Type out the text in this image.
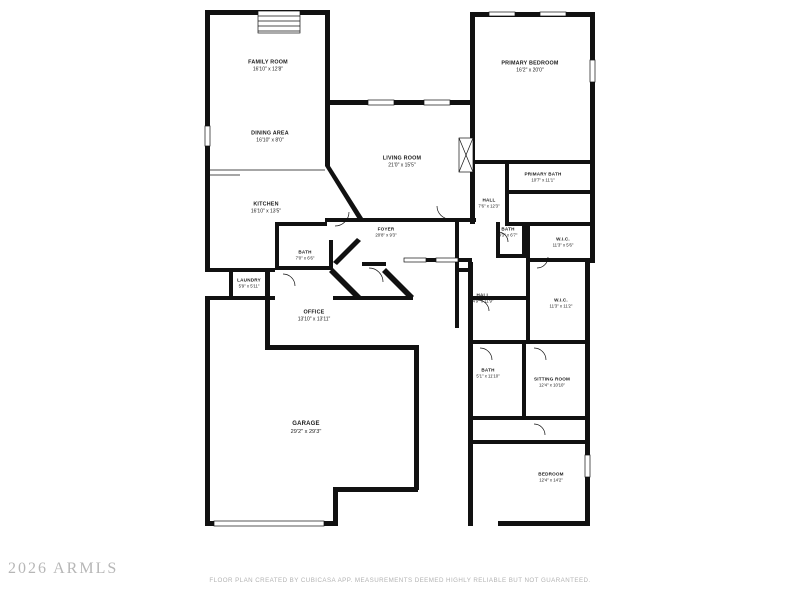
FAMILY ROOM
16'10" x 12'8"
DINING AREA
16'10" x 8'0"
KITCHEN
16'10" x 13'5"
LIVING ROOM
21'0" x 15'5"
FOYER
20'8" x 9'3"
BATH
7'0" x 6'6"
LAUNDRY
5'9" x 5'11"
OFFICE
13'10" x 13'11"
GARAGE
29'2" x 29'3"
PRIMARY BEDROOM
16'2" x 20'0"
PRIMARY BATH
10'7" x 11'1"
HALL
7'6" x 12'3"
BATH
4'3" x 6'7"
W.I.C.
11'3" x 5'6"
W.I.C.
11'3" x 11'2"
HALL
4'9" x 11'9"
BATH
5'1" x 11'10"
SITTING ROOM
12'4" x 10'10"
BEDROOM
12'4" x 14'2"
2026 ARMLS
FLOOR PLAN CREATED BY CUBICASA APP. MEASUREMENTS DEEMED HIGHLY RELIABLE BUT NOT GUARANTEED.
